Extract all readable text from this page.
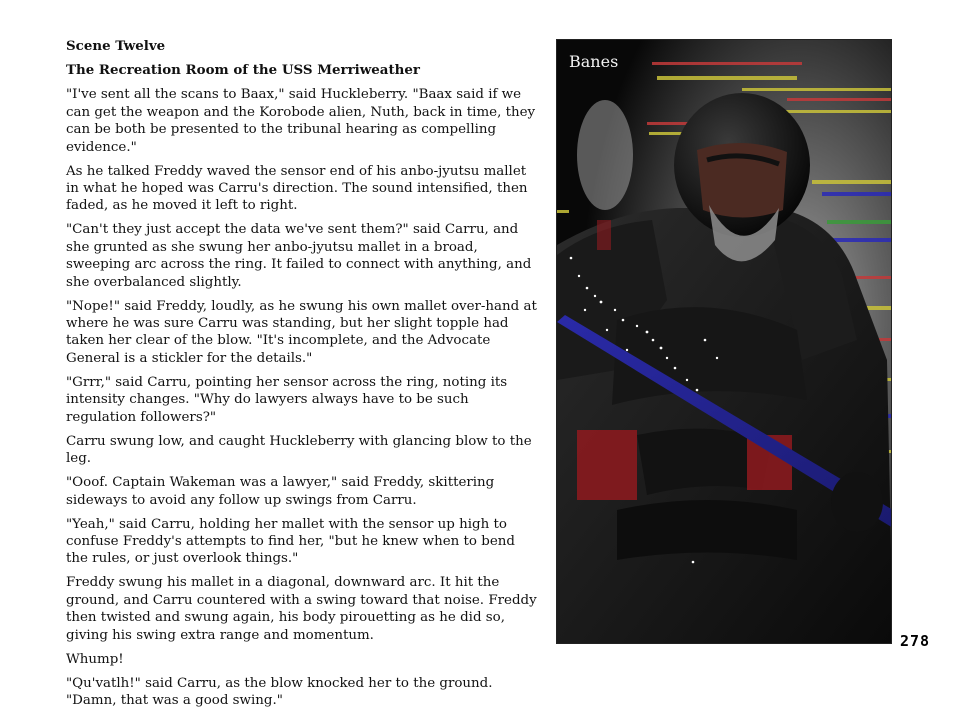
Scene Twelve

The Recreation Room of the USS Merriweather

"I've sent all the scans to Baax," said Huckleberry. "Baax said if we can get the weapon and the Korobode alien, Nuth, back in time, they can be both be presented to the tribunal hearing as compelling evidence."

As he talked Freddy waved the sensor end of his anbo-jyutsu mallet in what he hoped was Carru's direction. The sound intensified, then faded, as he moved it left to right.

"Can't they just accept the data we've sent them?" said Carru, and she grunted as she swung her anbo-jyutsu mallet in a broad, sweeping arc across the ring. It failed to connect with anything, and she overbalanced slightly.

"Nope!" said Freddy, loudly, as he swung his own mallet over-hand at where he was sure Carru was standing, but her slight topple had taken her clear of the blow. "It's incomplete, and the Advocate General is a stickler for the details."

"Grrr," said Carru, pointing her sensor across the ring, noting its intensity changes. "Why do lawyers always have to be such regulation followers?"

Carru swung low, and caught Huckleberry with glancing blow to the leg.

"Ooof. Captain Wakeman was a lawyer," said Freddy, skittering sideways to avoid any follow up swings from Carru.

"Yeah," said Carru, holding her mallet with the sensor up high to confuse Freddy's attempts to find her, "but he knew when to bend the rules, or just overlook things."

Freddy swung his mallet in a diagonal, downward arc. It hit the ground, and Carru countered with a swing toward that noise. Freddy then twisted and swung again, his body pirouetting as he did so, giving his swing extra range and momentum.

Whump!

"Qu'vatlh!" said Carru, as the blow knocked her to the ground. "Damn, that was a good swing."

Banes
278
